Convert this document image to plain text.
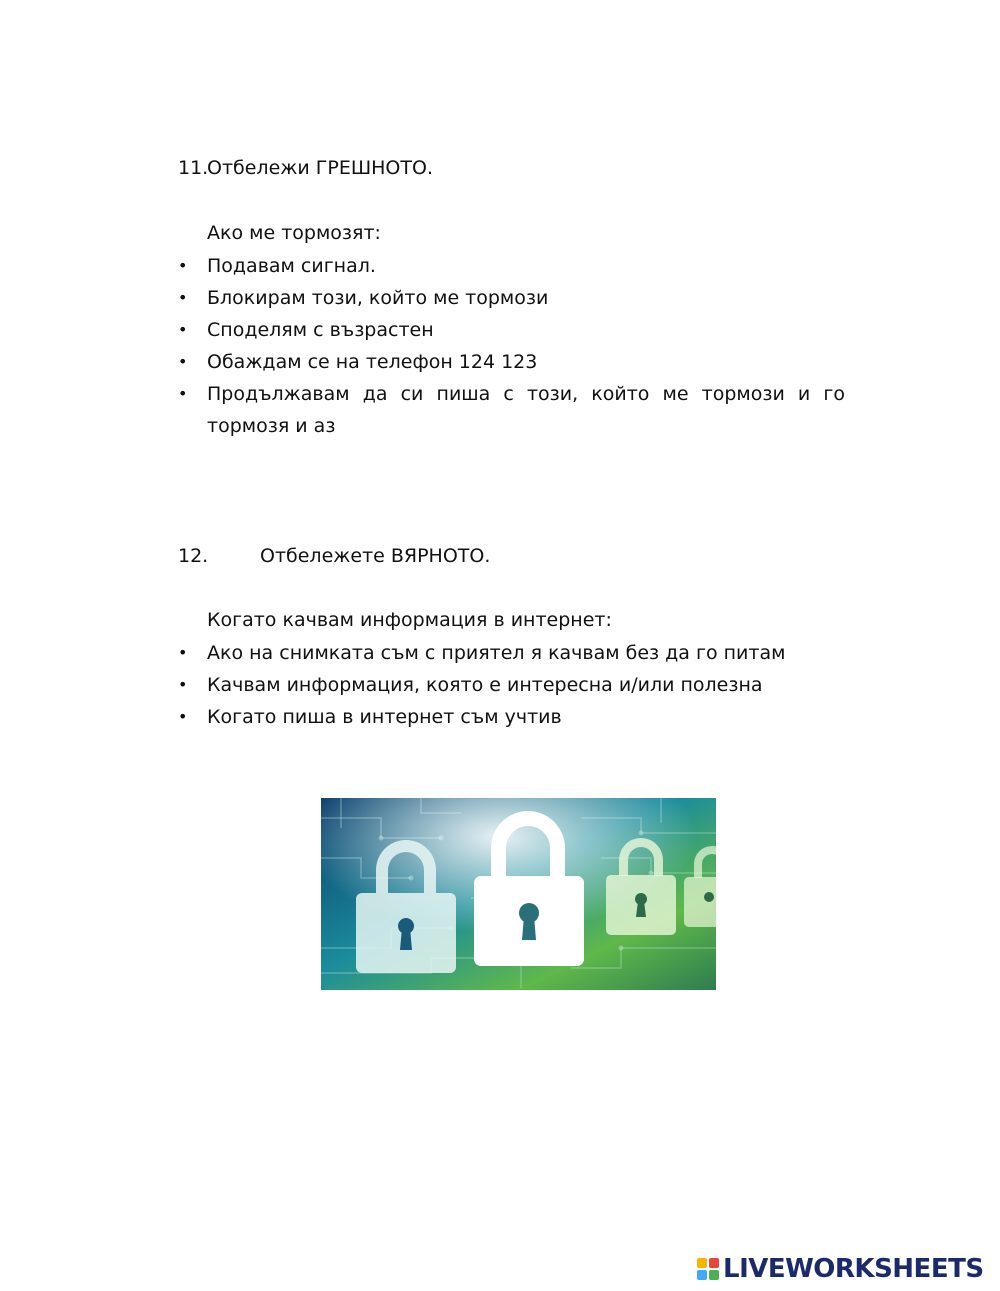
11.Отбележи ГРЕШНОТО.
Ако ме тормозят:
• Подавам сигнал.
• Блокирам този, който ме тормози
• Споделям с възрастен
• Обаждам се на телефон 124 123
• Продължавам да си пиша с този, който ме тормози и го тормозя и аз
12.	Отбележете ВЯРНОТО.
Когато качвам информация в интернет:
• Ако на снимката съм с приятел я качвам без да го питам
• Качвам информация, която е интересна и/или полезна
• Когато пиша в интернет съм учтив
LIVEWORKSHEETS
